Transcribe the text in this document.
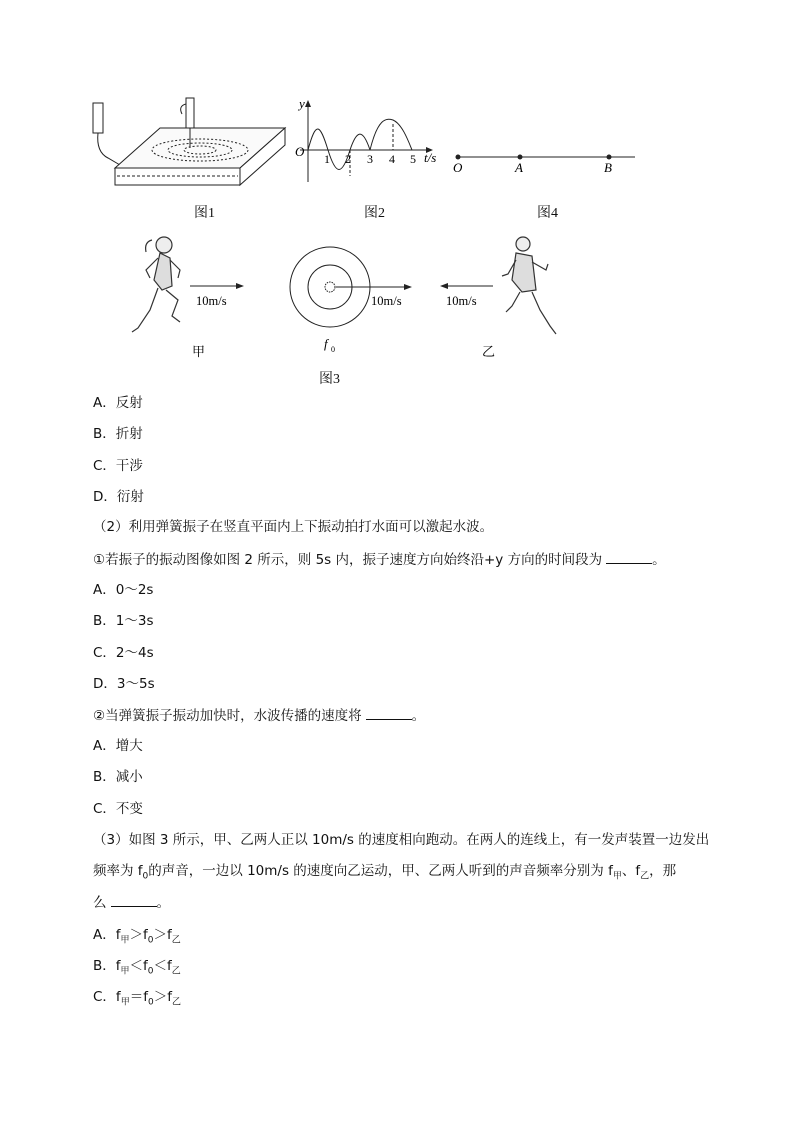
y
O	t/s
1 2 3 4 5
O	A	B
10m/s	10m/s	10m/s
甲	乙
f 0
图1	图2	图4
图3
A．反射
B．折射
C．干涉
D．衍射
（2）利用弹簧振子在竖直平面内上下振动拍打水面可以激起水波。
①若振子的振动图像如图 2 所示，则 5s 内，振子速度方向始终沿+y 方向的时间段为	。
A．0～2s
B．1～3s
C．2～4s
D．3～5s
②当弹簧振子振动加快时，水波传播的速度将	。
A．增大
B．减小
C．不变
（3）如图 3 所示，甲、乙两人正以 10m/s 的速度相向跑动。在两人的连线上，有一发声装置一边发出
频率为 $f_0$的声音，一边以 10m/s 的速度向乙运动，甲、乙两人听到的声音频率分别为 $f_甲$、$f_乙$，那
么	。
A．$f_甲>f_0>f_乙$
B．$f_甲<f_0<f_乙$
C．$f_甲=f_0>f_乙$
